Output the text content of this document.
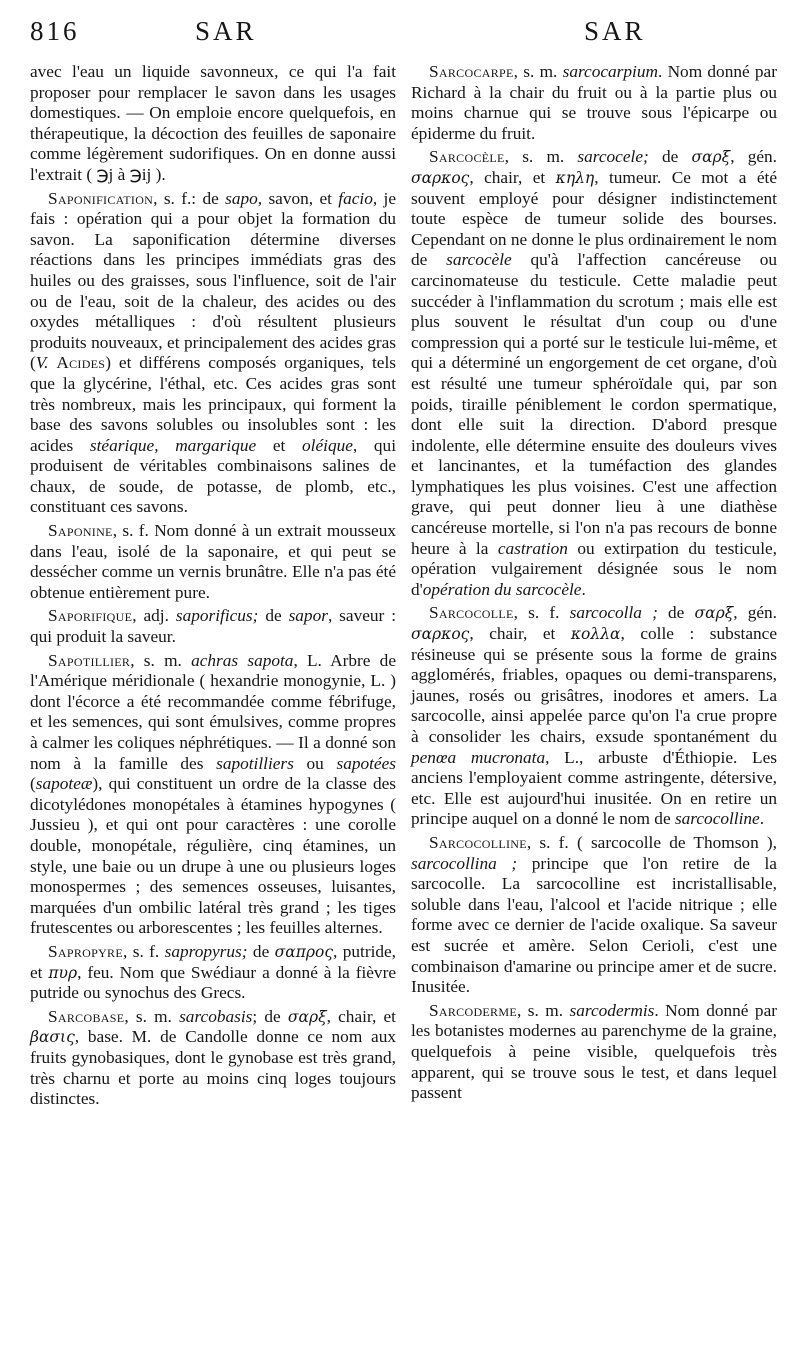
816	SAR	SAR

avec l'eau un liquide savonneux, ce qui l'a fait proposer pour remplacer le savon dans les usages domestiques. — On emploie encore quelquefois, en thérapeutique, la décoction des feuilles de saponaire comme légèrement sudorifiques. On en donne aussi l'extrait ( ℈j à ℈ij ).

Saponification, s. f.: de sapo, savon, et facio, je fais : opération qui a pour objet la formation du savon. La saponification détermine diverses réactions dans les principes immédiats gras des huiles ou des graisses, sous l'influence, soit de l'air ou de l'eau, soit de la chaleur, des acides ou des oxydes métalliques : d'où résultent plusieurs produits nouveaux, et principalement des acides gras (V. Acides) et différens composés organiques, tels que la glycérine, l'éthal, etc. Ces acides gras sont très nombreux, mais les principaux, qui forment la base des savons solubles ou insolubles sont : les acides stéarique, margarique et oléique, qui produisent de véritables combinaisons salines de chaux, de soude, de potasse, de plomb, etc., constituant ces savons.

Saponine, s. f. Nom donné à un extrait mousseux dans l'eau, isolé de la saponaire, et qui peut se dessécher comme un vernis brunâtre. Elle n'a pas été obtenue entièrement pure.

Saporifique, adj. saporificus; de sapor, saveur : qui produit la saveur.

Sapotillier, s. m. achras sapota, L. Arbre de l'Amérique méridionale ( hexandrie monogynie, L. ) dont l'écorce a été recommandée comme fébrifuge, et les semences, qui sont émulsives, comme propres à calmer les coliques néphrétiques. — Il a donné son nom à la famille des sapotilliers ou sapotées (sapoteæ), qui constituent un ordre de la classe des dicotylédones monopétales à étamines hypogynes ( Jussieu ), et qui ont pour caractères : une corolle double, monopétale, régulière, cinq étamines, un style, une baie ou un drupe à une ou plusieurs loges monospermes ; des semences osseuses, luisantes, marquées d'un ombilic latéral très grand ; les tiges frutescentes ou arborescentes ; les feuilles alternes.

Sapropyre, s. f. sapropyrus; de σαπρος, putride, et πυρ, feu. Nom que Swédiaur a donné à la fièvre putride ou synochus des Grecs.

Sarcobase, s. m. sarcobasis; de σαρξ, chair, et βασις, base. M. de Candolle donne ce nom aux fruits gynobasiques, dont le gynobase est très grand, très charnu et porte au moins cinq loges toujours distinctes.

Sarcocarpe, s. m. sarcocarpium. Nom donné par Richard à la chair du fruit ou à la partie plus ou moins charnue qui se trouve sous l'épicarpe ou épiderme du fruit.

Sarcocèle, s. m. sarcocele; de σαρξ, gén. σαρκος, chair, et κηλη, tumeur. Ce mot a été souvent employé pour désigner indistinctement toute espèce de tumeur solide des bourses. Cependant on ne donne le plus ordinairement le nom de sarcocèle qu'à l'affection cancéreuse ou carcinomateuse du testicule. Cette maladie peut succéder à l'inflammation du scrotum ; mais elle est plus souvent le résultat d'un coup ou d'une compression qui a porté sur le testicule lui-même, et qui a déterminé un engorgement de cet organe, d'où est résulté une tumeur sphéroïdale qui, par son poids, tiraille péniblement le cordon spermatique, dont elle suit la direction. D'abord presque indolente, elle détermine ensuite des douleurs vives et lancinantes, et la tuméfaction des glandes lymphatiques les plus voisines. C'est une affection grave, qui peut donner lieu à une diathèse cancéreuse mortelle, si l'on n'a pas recours de bonne heure à la castration ou extirpation du testicule, opération vulgairement désignée sous le nom d'opération du sarcocèle.

Sarcocolle, s. f. sarcocolla ; de σαρξ, gén. σαρκος, chair, et κολλα, colle : substance résineuse qui se présente sous la forme de grains agglomérés, friables, opaques ou demi-transparens, jaunes, rosés ou grisâtres, inodores et amers. La sarcocolle, ainsi appelée parce qu'on l'a crue propre à consolider les chairs, exsude spontanément du penœa mucronata, L., arbuste d'Éthiopie. Les anciens l'employaient comme astringente, détersive, etc. Elle est aujourd'hui inusitée. On en retire un principe auquel on a donné le nom de sarcocolline.

Sarcocolline, s. f. ( sarcocolle de Thomson ), sarcocollina ; principe que l'on retire de la sarcocolle. La sarcocolline est incristallisable, soluble dans l'eau, l'alcool et l'acide nitrique ; elle forme avec ce dernier de l'acide oxalique. Sa saveur est sucrée et amère. Selon Cerioli, c'est une combinaison d'amarine ou principe amer et de sucre. Inusitée.

Sarcoderme, s. m. sarcodermis. Nom donné par les botanistes modernes au parenchyme de la graine, quelquefois à peine visible, quelquefois très apparent, qui se trouve sous le test, et dans lequel passent
